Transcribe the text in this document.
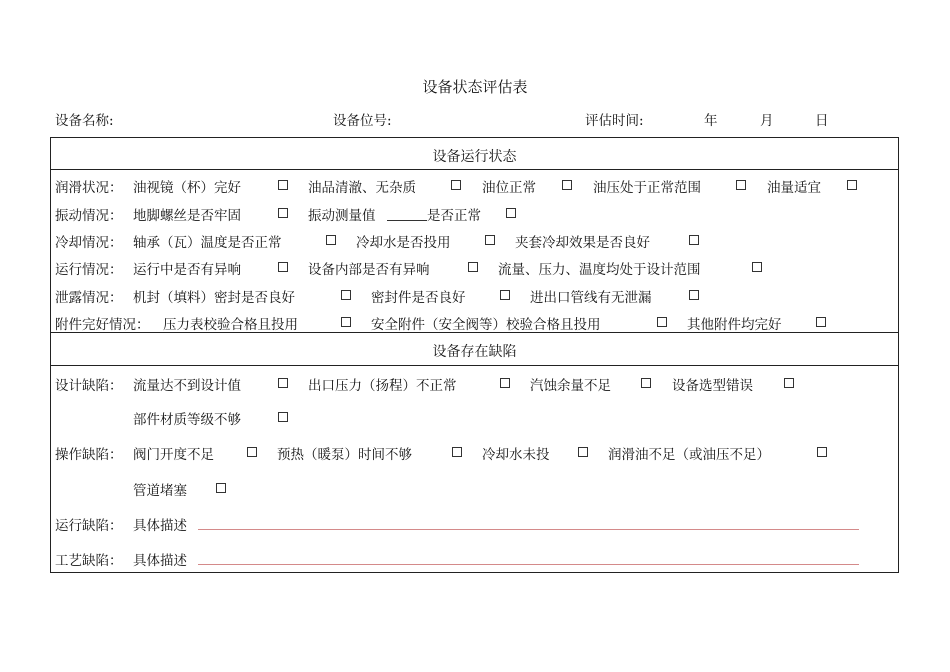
设备状态评估表
设备名称:	设备位号:	评估时间:	年	月	日
设备运行状态
润滑状况： 油视镜（杯）完好	油品清澈、无杂质	油位正常	油压处于正常范围	油量适宜
振动情况： 地脚螺丝是否牢固	振动测量值	是否正常
冷却情况： 轴承（瓦）温度是否正常	冷却水是否投用	夹套冷却效果是否良好
运行情况： 运行中是否有异响	设备内部是否有异响	流量、压力、温度均处于设计范围
泄露情况： 机封（填料）密封是否良好	密封件是否良好	进出口管线有无泄漏
附件完好情况： 压力表校验合格且投用	安全附件（安全阀等）校验合格且投用	其他附件均完好
设备存在缺陷
设计缺陷： 流量达不到设计值	出口压力（扬程）不正常	汽蚀余量不足	设备选型错误
部件材质等级不够
操作缺陷： 阀门开度不足	预热（暖泵）时间不够	冷却水未投	润滑油不足（或油压不足）
管道堵塞
运行缺陷： 具体描述
工艺缺陷： 具体描述
